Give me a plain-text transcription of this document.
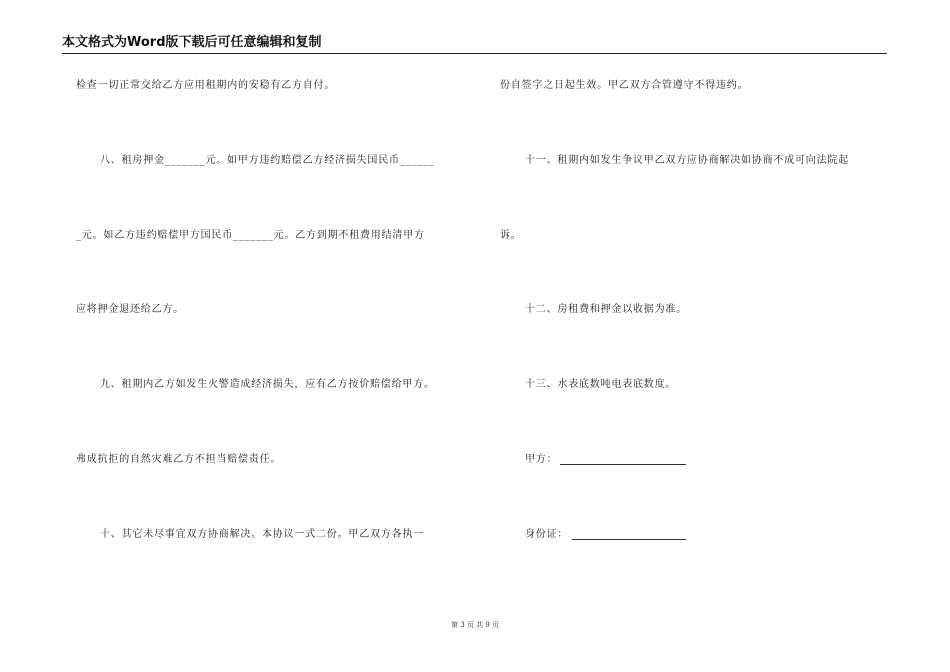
本文格式为Word版下载后可任意编辑和复制
检查一切正常交给乙方应用租期内的安稳有乙方自付。
八、租房押金_______元。如甲方违约赔偿乙方经济损失国民币______
_元。如乙方违约赔偿甲方国民币_______元。乙方到期不租费用结清甲方
应将押金退还给乙方。
九、租期内乙方如发生火警造成经济损失，应有乙方按价赔偿给甲方。
弗成抗拒的自然灾难乙方不担当赔偿责任。
十、其它未尽事宜双方协商解决。本协议一式二份。甲乙双方各执一
份自签字之日起生效。甲乙双方合管遵守不得违约。
十一、租期内如发生争议甲乙双方应协商解决如协商不成可向法院起
诉。
十二、房租费和押金以收据为准。
十三、水表底数吨电表底数度。
甲方：
身份证：
第 3 页 共 9 页
